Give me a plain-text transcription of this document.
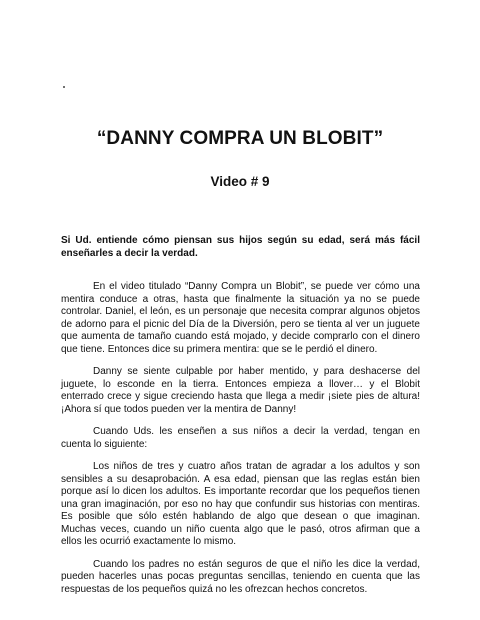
“DANNY COMPRA UN BLOBIT”
Video # 9

Si Ud. entiende cómo piensan sus hijos según su edad, será más fácil enseñarles a decir la verdad.

En el video titulado “Danny Compra un Blobit”, se puede ver cómo una mentira conduce a otras, hasta que finalmente la situación ya no se puede controlar. Daniel, el león, es un personaje que necesita comprar algunos objetos de adorno para el picnic del Día de la Diversión, pero se tienta al ver un juguete que aumenta de tamaño cuando está mojado, y decide comprarlo con el dinero que tiene. Entonces dice su primera mentira: que se le perdió el dinero.

Danny se siente culpable por haber mentido, y para deshacerse del juguete, lo esconde en la tierra. Entonces empieza a llover… y el Blobit enterrado crece y sigue creciendo hasta que llega a medir ¡siete pies de altura! ¡Ahora sí que todos pueden ver la mentira de Danny!

Cuando Uds. les enseñen a sus niños a decir la verdad, tengan en cuenta lo siguiente:

Los niños de tres y cuatro años tratan de agradar a los adultos y son sensibles a su desaprobación. A esa edad, piensan que las reglas están bien porque así lo dicen los adultos. Es importante recordar que los pequeños tienen una gran imaginación, por eso no hay que confundir sus historias con mentiras. Es posible que sólo estén hablando de algo que desean o que imaginan. Muchas veces, cuando un niño cuenta algo que le pasó, otros afirman que a ellos les ocurrió exactamente lo mismo.

Cuando los padres no están seguros de que el niño les dice la verdad, pueden hacerles unas pocas preguntas sencillas, teniendo en cuenta que las respuestas de los pequeños quizá no les ofrezcan hechos concretos.
